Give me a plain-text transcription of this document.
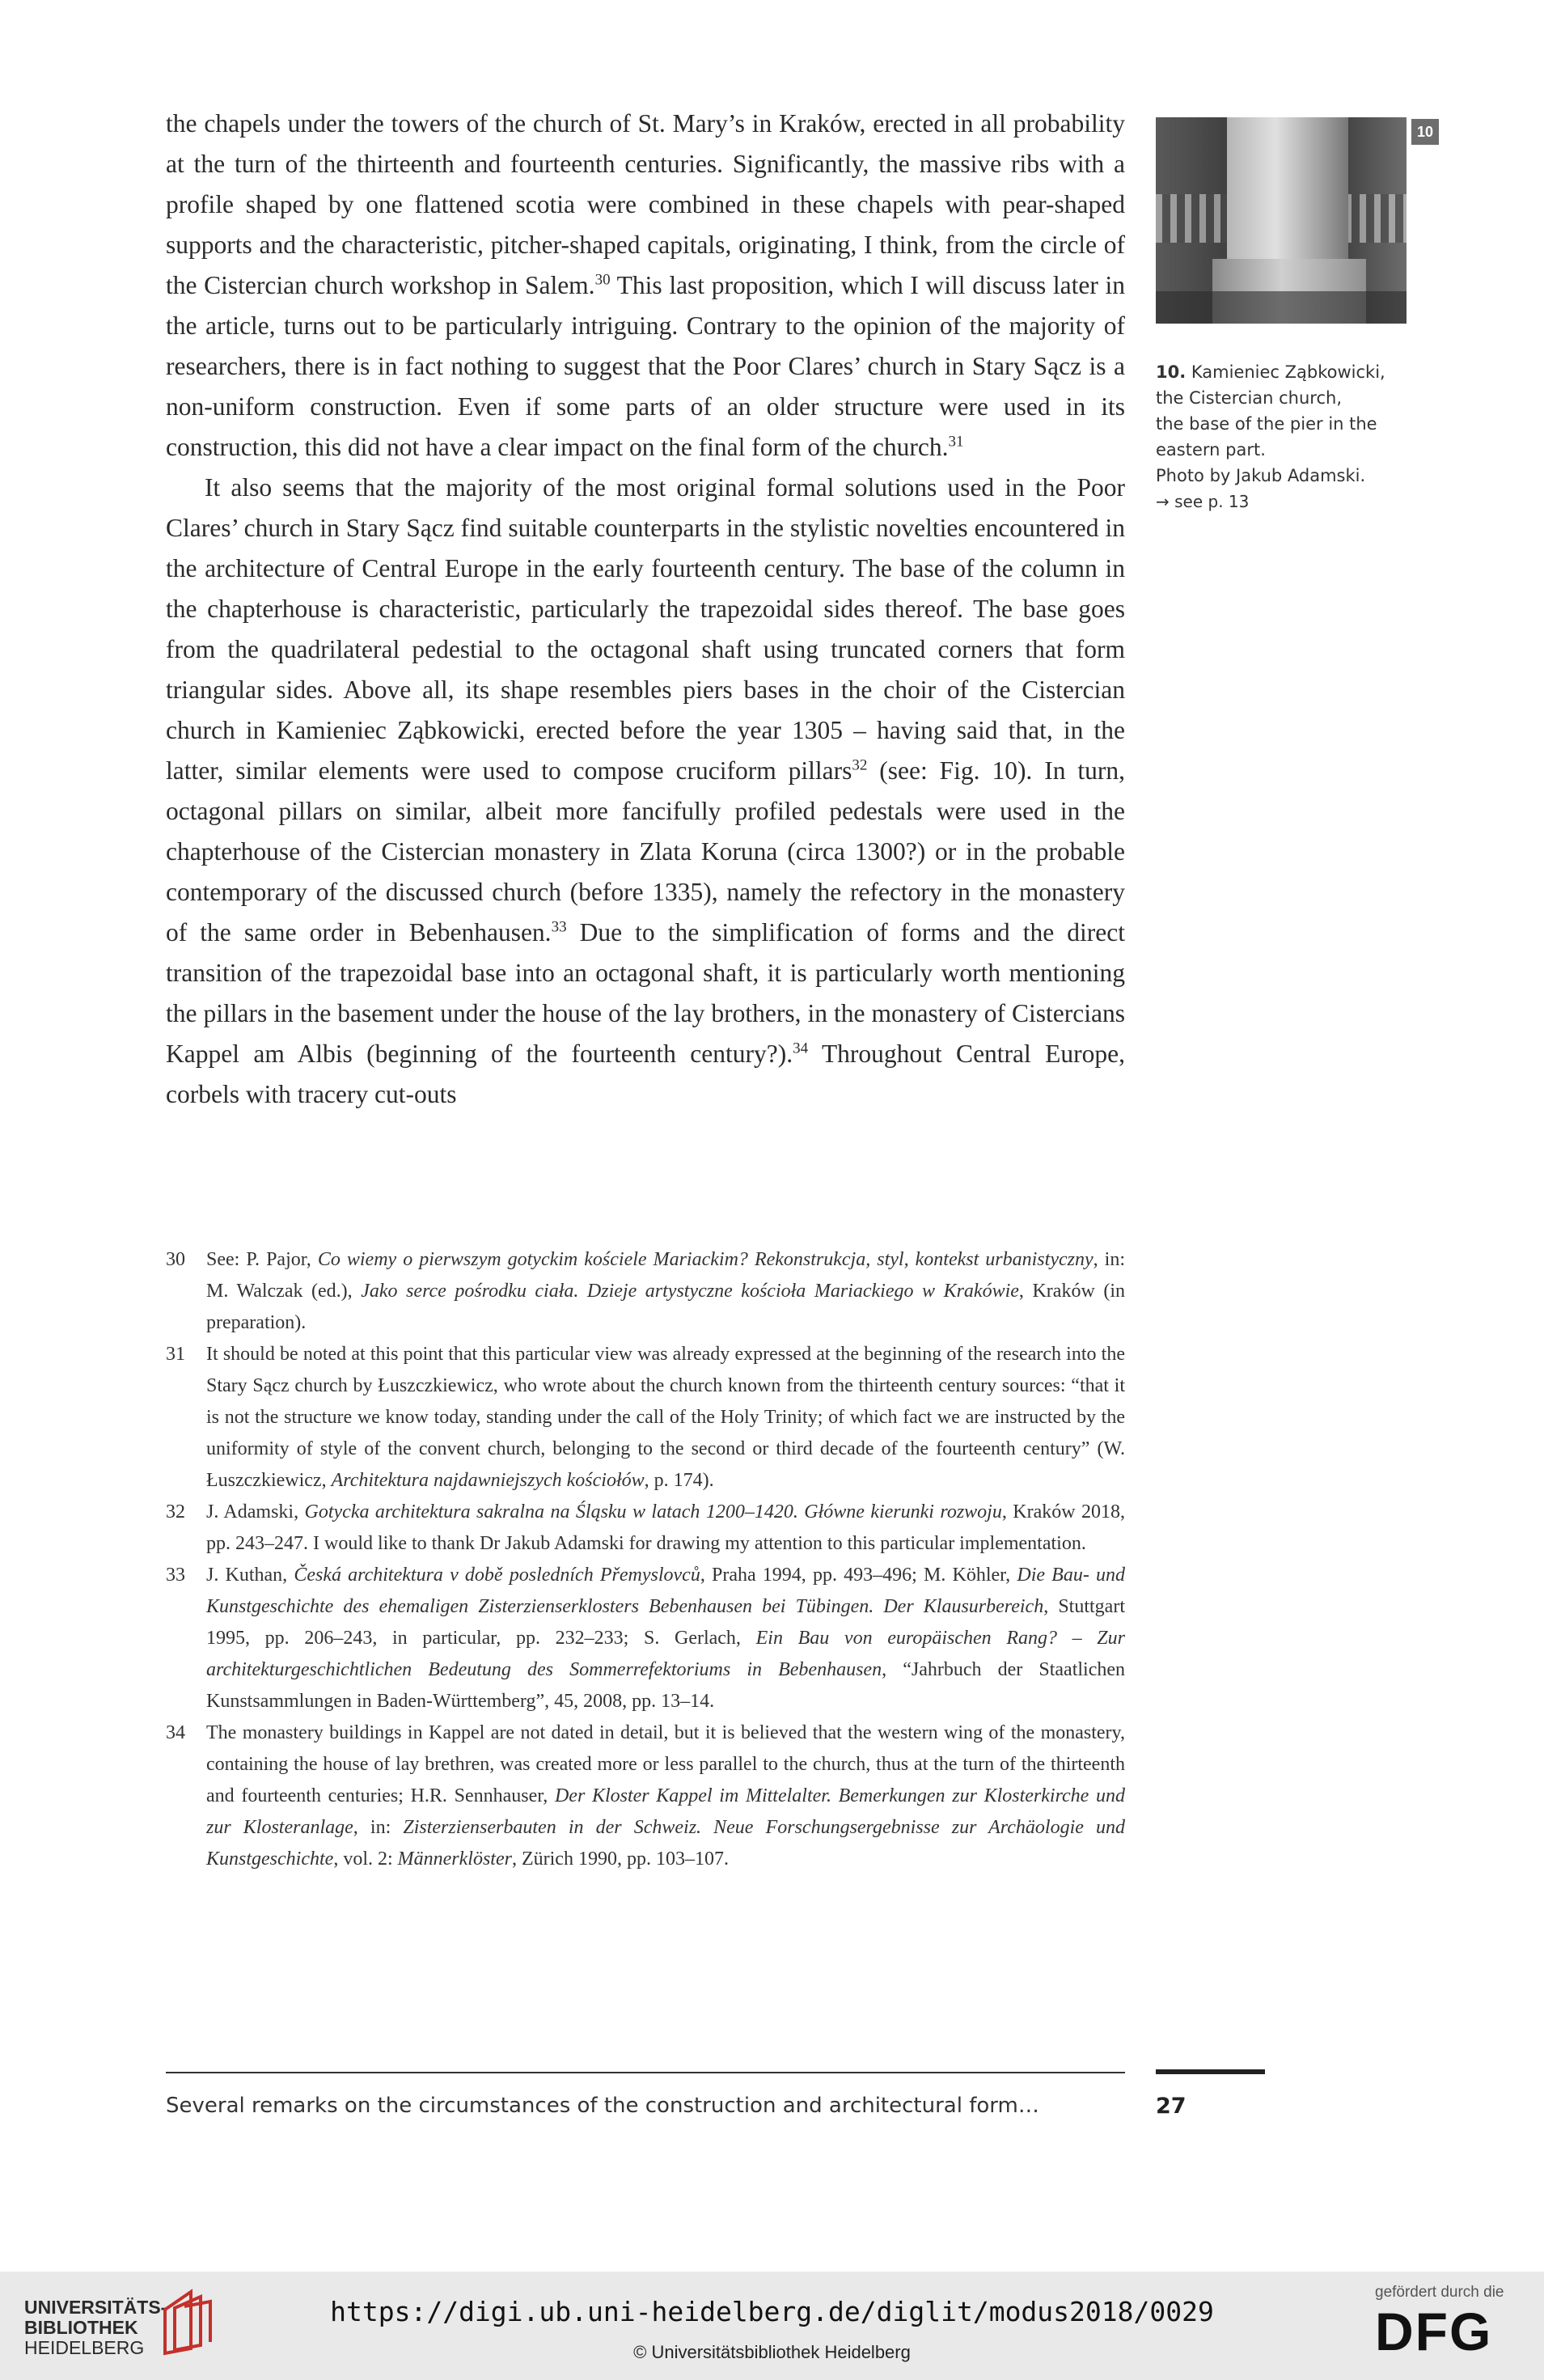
the chapels under the towers of the church of St. Mary’s in Kraków, erected in all probability at the turn of the thirteenth and fourteenth centuries. Significantly, the massive ribs with a profile shaped by one flattened scotia were combined in these chapels with pear-shaped supports and the characteristic, pitcher-shaped capitals, originating, I think, from the circle of the Cistercian church workshop in Salem.$^{30}$ This last proposition, which I will discuss later in the article, turns out to be particularly intriguing. Contrary to the opinion of the majority of researchers, there is in fact nothing to suggest that the Poor Clares’ church in Stary Sącz is a non-uniform construction. Even if some parts of an older structure were used in its construction, this did not have a clear impact on the final form of the church.$^{31}$

It also seems that the majority of the most original formal solutions used in the Poor Clares’ church in Stary Sącz find suitable counterparts in the stylistic novelties encountered in the architecture of Central Europe in the early fourteenth century. The base of the column in the chapterhouse is characteristic, particularly the trapezoidal sides thereof. The base goes from the quadrilateral pedestial to the octagonal shaft using truncated corners that form triangular sides. Above all, its shape resembles piers bases in the choir of the Cistercian church in Kamieniec Ząbkowicki, erected before the year 1305 – having said that, in the latter, similar elements were used to compose cruciform pillars$^{32}$ (see: Fig. 10). In turn, octagonal pillars on similar, albeit more fancifully profiled pedestals were used in the chapterhouse of the Cistercian monastery in Zlata Koruna (circa 1300?) or in the probable contemporary of the discussed church (before 1335), namely the refectory in the monastery of the same order in Bebenhausen.$^{33}$ Due to the simplification of forms and the direct transition of the trapezoidal base into an octagonal shaft, it is particularly worth mentioning the pillars in the basement under the house of the lay brothers, in the monastery of Cistercians Kappel am Albis (beginning of the fourteenth century?).$^{34}$ Throughout Central Europe, corbels with tracery cut-outs

10
10. Kamieniec Ząbkowicki,
the Cistercian church,
the base of the pier in the
eastern part.
Photo by Jakub Adamski.
→ see p. 13
30 See: P. Pajor, Co wiemy o pierwszym gotyckim kościele Mariackim? Rekonstrukcja, styl, kontekst urbanistyczny, in: M. Walczak (ed.), Jako serce pośrodku ciała. Dzieje artystyczne kościoła Mariackiego w Krakówie, Kraków (in preparation).
31 It should be noted at this point that this particular view was already expressed at the beginning of the research into the Stary Sącz church by Łuszczkiewicz, who wrote about the church known from the thirteenth century sources: “that it is not the structure we know today, standing under the call of the Holy Trinity; of which fact we are instructed by the uniformity of style of the convent church, belonging to the second or third decade of the fourteenth century” (W. Łuszczkiewicz, Architektura najdawniejszych kościołów, p. 174).
32 J. Adamski, Gotycka architektura sakralna na Śląsku w latach 1200–1420. Główne kierunki rozwoju, Kraków 2018, pp. 243–247. I would like to thank Dr Jakub Adamski for drawing my attention to this particular implementation.
33 J. Kuthan, Česká architektura v době posledních Přemyslovců, Praha 1994, pp. 493–496; M. Köhler, Die Bau- und Kunstgeschichte des ehemaligen Zisterzienserklosters Bebenhausen bei Tübingen. Der Klausurbereich, Stuttgart 1995, pp. 206–243, in particular, pp. 232–233; S. Gerlach, Ein Bau von europäischen Rang? – Zur architekturgeschichtlichen Bedeutung des Sommerrefektoriums in Bebenhausen, “Jahrbuch der Staatlichen Kunstsammlungen in Baden-Württemberg”, 45, 2008, pp. 13–14.
34 The monastery buildings in Kappel are not dated in detail, but it is believed that the western wing of the monastery, containing the house of lay brethren, was created more or less parallel to the church, thus at the turn of the thirteenth and fourteenth centuries; H.R. Sennhauser, Der Kloster Kappel im Mittelalter. Bemerkungen zur Klosterkirche und zur Klosteranlage, in: Zisterzienserbauten in der Schweiz. Neue Forschungsergebnisse zur Archäologie und Kunstgeschichte, vol. 2: Männerklöster, Zürich 1990, pp. 103–107.
Several remarks on the circumstances of the construction and architectural form…	27
UNIVERSITÄTS-
BIBLIOTHEK
HEIDELBERG
https://digi.ub.uni-heidelberg.de/diglit/modus2018/0029
© Universitätsbibliothek Heidelberg
gefördert durch die
DFG
